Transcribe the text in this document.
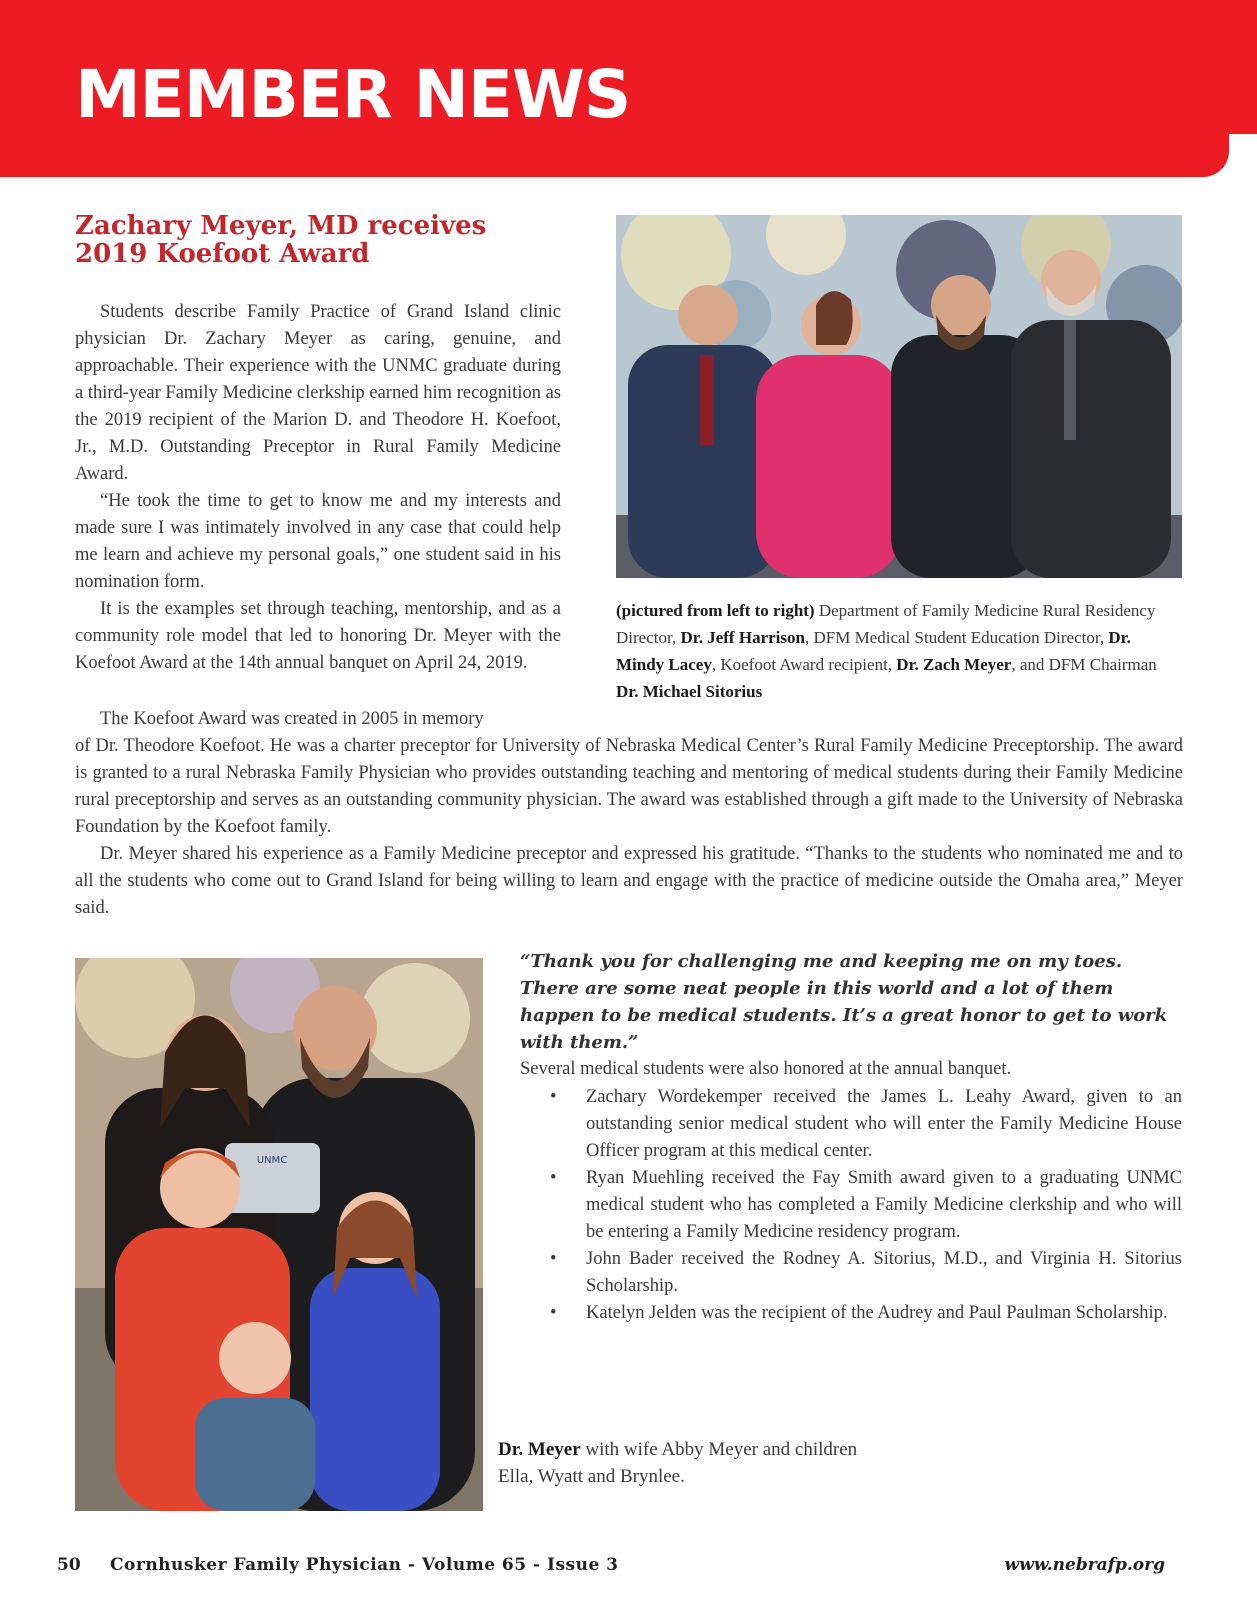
MEMBER NEWS
Zachary Meyer, MD receives
2019 Koefoot Award

Students describe Family Practice of Grand Island clinic physician Dr. Zachary Meyer as caring, genuine, and approachable. Their experience with the UNMC graduate during a third-year Family Medicine clerkship earned him recognition as the 2019 recipient of the Marion D. and Theodore H. Koefoot, Jr., M.D. Outstanding Preceptor in Rural Family Medicine Award.

“He took the time to get to know me and my interests and made sure I was intimately involved in any case that could help me learn and achieve my personal goals,” one student said in his nomination form.

It is the examples set through teaching, mentorship, and as a community role model that led to honoring Dr. Meyer with the Koefoot Award at the 14th annual banquet on April 24, 2019.

The Koefoot Award was created in 2005 in memory

of Dr. Theodore Koefoot. He was a charter preceptor for University of Nebraska Medical Center’s Rural Family Medicine Preceptorship. The award is granted to a rural Nebraska Family Physician who provides outstanding teaching and mentoring of medical students during their Family Medicine rural preceptorship and serves as an outstanding community physician. The award was established through a gift made to the University of Nebraska Foundation by the Koefoot family.

Dr. Meyer shared his experience as a Family Medicine preceptor and expressed his gratitude. “Thanks to the students who nominated me and to all the students who come out to Grand Island for being willing to learn and engage with the practice of medicine outside the Omaha area,” Meyer said.

(pictured from left to right) Department of Family Medicine Rural Residency Director, Dr. Jeff Harrison, DFM Medical Student Education Director, Dr. Mindy Lacey, Koefoot Award recipient, Dr. Zach Meyer, and DFM Chairman Dr. Michael Sitorius
UNMC

“Thank you for challenging me and keeping me on my toes. There are some neat people in this world and a lot of them happen to be medical students. It’s a great honor to get to work with them.”

Several medical students were also honored at the annual banquet.
• Zachary Wordekemper received the James L. Leahy Award, given to an outstanding senior medical student who will enter the Family Medicine House Officer program at this medical center.
• Ryan Muehling received the Fay Smith award given to a graduating UNMC medical student who has completed a Family Medicine clerkship and who will be entering a Family Medicine residency program.
• John Bader received the Rodney A. Sitorius, M.D., and Virginia H. Sitorius Scholarship.
• Katelyn Jelden was the recipient of the Audrey and Paul Paulman Scholarship.
Dr. Meyer with wife Abby Meyer and children Ella, Wyatt and Brynlee.
50 Cornhusker Family Physician - Volume 65 - Issue 3	www.nebrafp.org
